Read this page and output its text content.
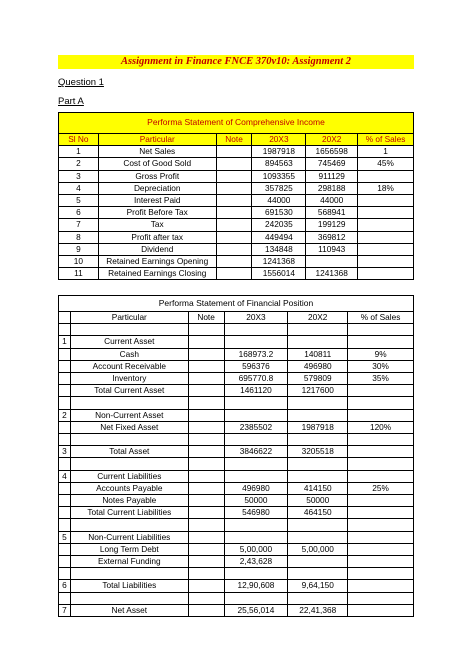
Assignment in Finance FNCE 370v10: Assignment 2
Question 1
Part A
Performa Statement of Comprehensive Income					
Sl No	Particular	Note	20X3	20X2	% of Sales
1	Net Sales		1987918	1656598	1
2	Cost of Good Sold		894563	745469	45%
3	Gross Profit		1093355	911129	
4	Depreciation		357825	298188	18%
5	Interest Paid		44000	44000	
6	Profit Before Tax		691530	568941	
7	Tax		242035	199129	
8	Profit after tax		449494	369812	
9	Dividend		134848	110943	
10	Retained Earnings Opening		1241368		
11	Retained Earnings Closing		1556014	1241368	
Performa Statement of Financial Position					
	Particular	Note	20X3	20X2	% of Sales

1	Current Asset				
	Cash		168973.2	140811	9%
	Account Receivable		596376	496980	30%
	Inventory		695770.8	579809	35%
	Total Current Asset		1461120	1217600	

2	Non-Current Asset				
	Net Fixed Asset		2385502	1987918	120%

3	Total Asset		3846622	3205518	

4	Current Liabilities				
	Accounts Payable		496980	414150	25%
	Notes Payable		50000	50000	
	Total Current Liabilities		546980	464150	

5	Non-Current Liabilities				
	Long Term Debt		5,00,000	5,00,000	
	External Funding		2,43,628		

6	Total Liabilities		12,90,608	9,64,150	

7	Net Asset		25,56,014	22,41,368	
